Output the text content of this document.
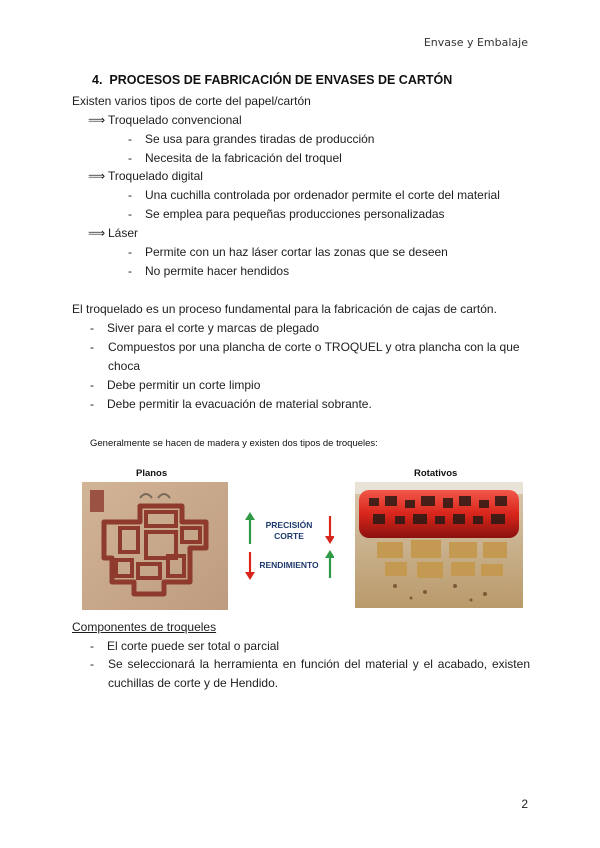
Envase y Embalaje
4. PROCESOS DE FABRICACIÓN DE ENVASES DE CARTÓN
Existen varios tipos de corte del papel/cartón
⟹ Troquelado convencional
- Se usa para grandes tiradas de producción
- Necesita de la fabricación del troquel
⟹ Troquelado digital
- Una cuchilla controlada por ordenador permite el corte del material
- Se emplea para pequeñas producciones personalizadas
⟹ Láser
- Permite con un haz láser cortar las zonas que se deseen
- No permite hacer hendidos
El troquelado es un proceso fundamental para la fabricación de cajas de cartón.
- Siver para el corte y marcas de plegado
-	Compuestos por una plancha de corte o TROQUEL y otra plancha con la que choca
- Debe permitir un corte limpio
- Debe permitir la evacuación de material sobrante.
Generalmente se hacen de madera y existen dos tipos de troqueles:
Planos	Rotativos
PRECISIÓN
CORTE
RENDIMIENTO
Componentes de troqueles
- El corte puede ser total o parcial
-	Se seleccionará la herramienta en función del material y el acabado, existen cuchillas de corte y de Hendido.
2
